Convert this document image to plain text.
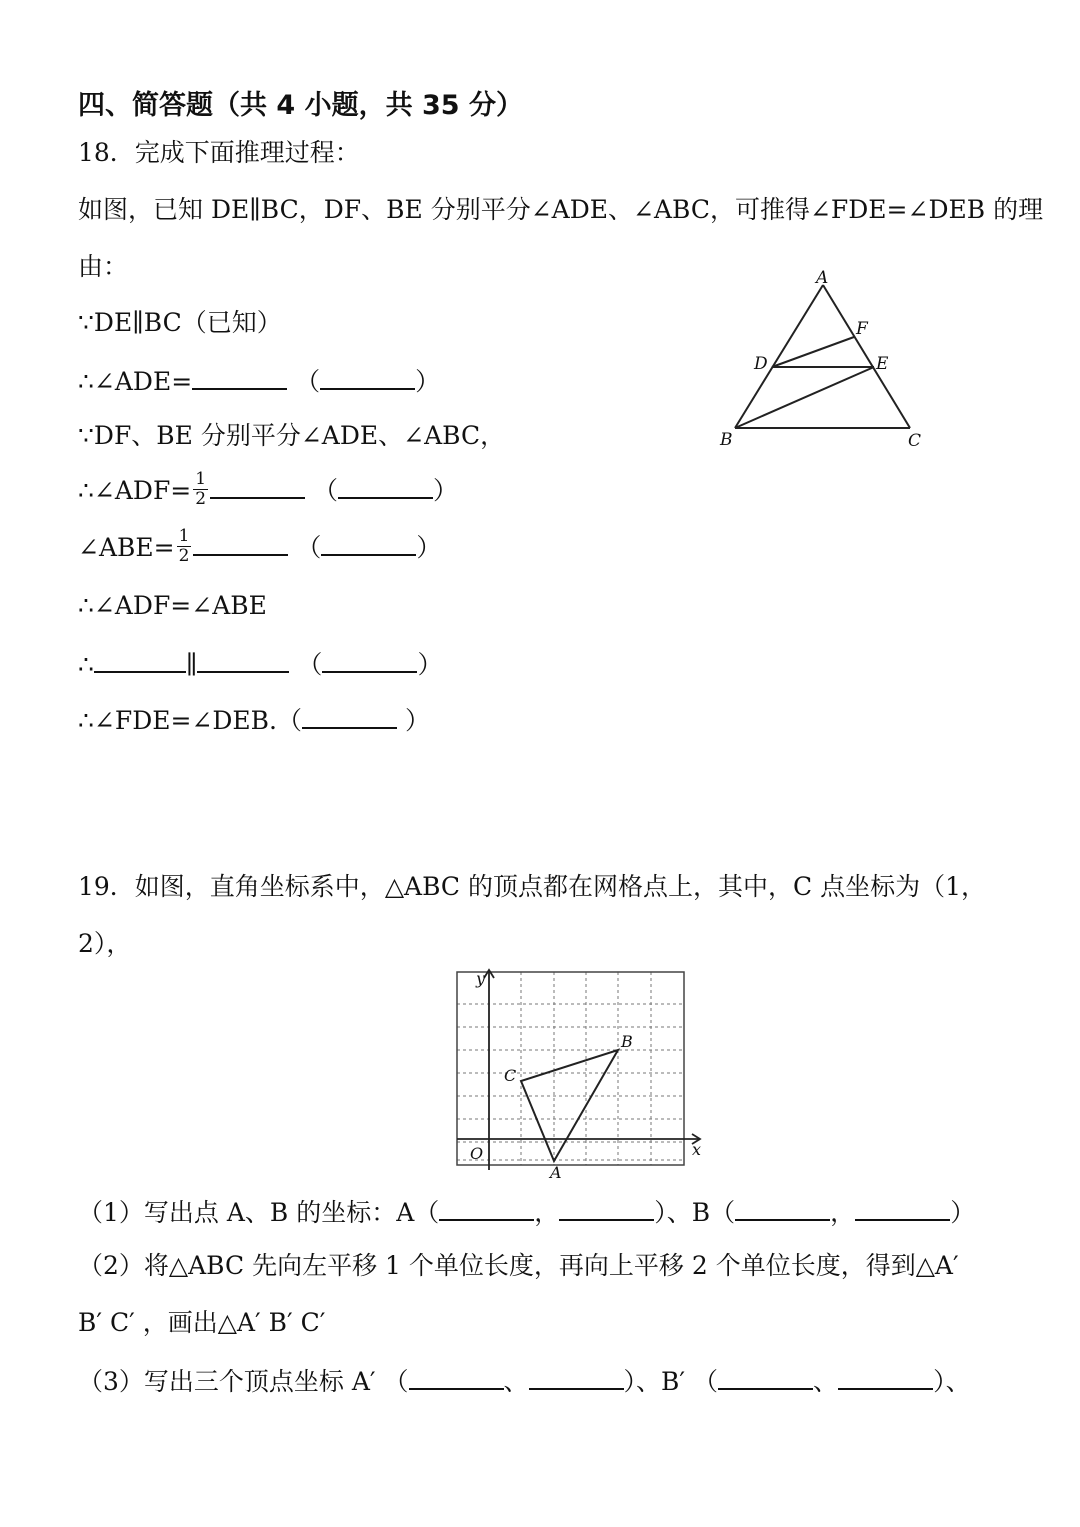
四、简答题（共 4 小题，共 35 分）
18．完成下面推理过程：
如图，已知 DE∥BC，DF、BE 分别平分∠ADE、∠ABC，可推得∠FDE=∠DEB 的理
由：
∵DE∥BC（已知）
∴∠ADE=	（	）
∵DF、BE 分别平分∠ADE、∠ABC，
∴∠ADF= $\frac{1}{2}$	（	）
∠ABE= $\frac{1}{2}$	（	）
∴∠ADF=∠ABE
∴	∥	（	）
∴∠FDE=∠DEB.（	）
A
F
D	E
B	C
19．如图，直角坐标系中，△ABC 的顶点都在网格点上，其中，C 点坐标为（1，
2），
y
x
O
B
C
A
（1）写出点 A、B 的坐标：A（	，	）、B（	，	）
（2）将△ABC 先向左平移 1 个单位长度，再向上平移 2 个单位长度，得到△A′
B′ C′ ，画出△A′ B′ C′
（3）写出三个顶点坐标 A′ （	、	）、B′ （	、	）、
